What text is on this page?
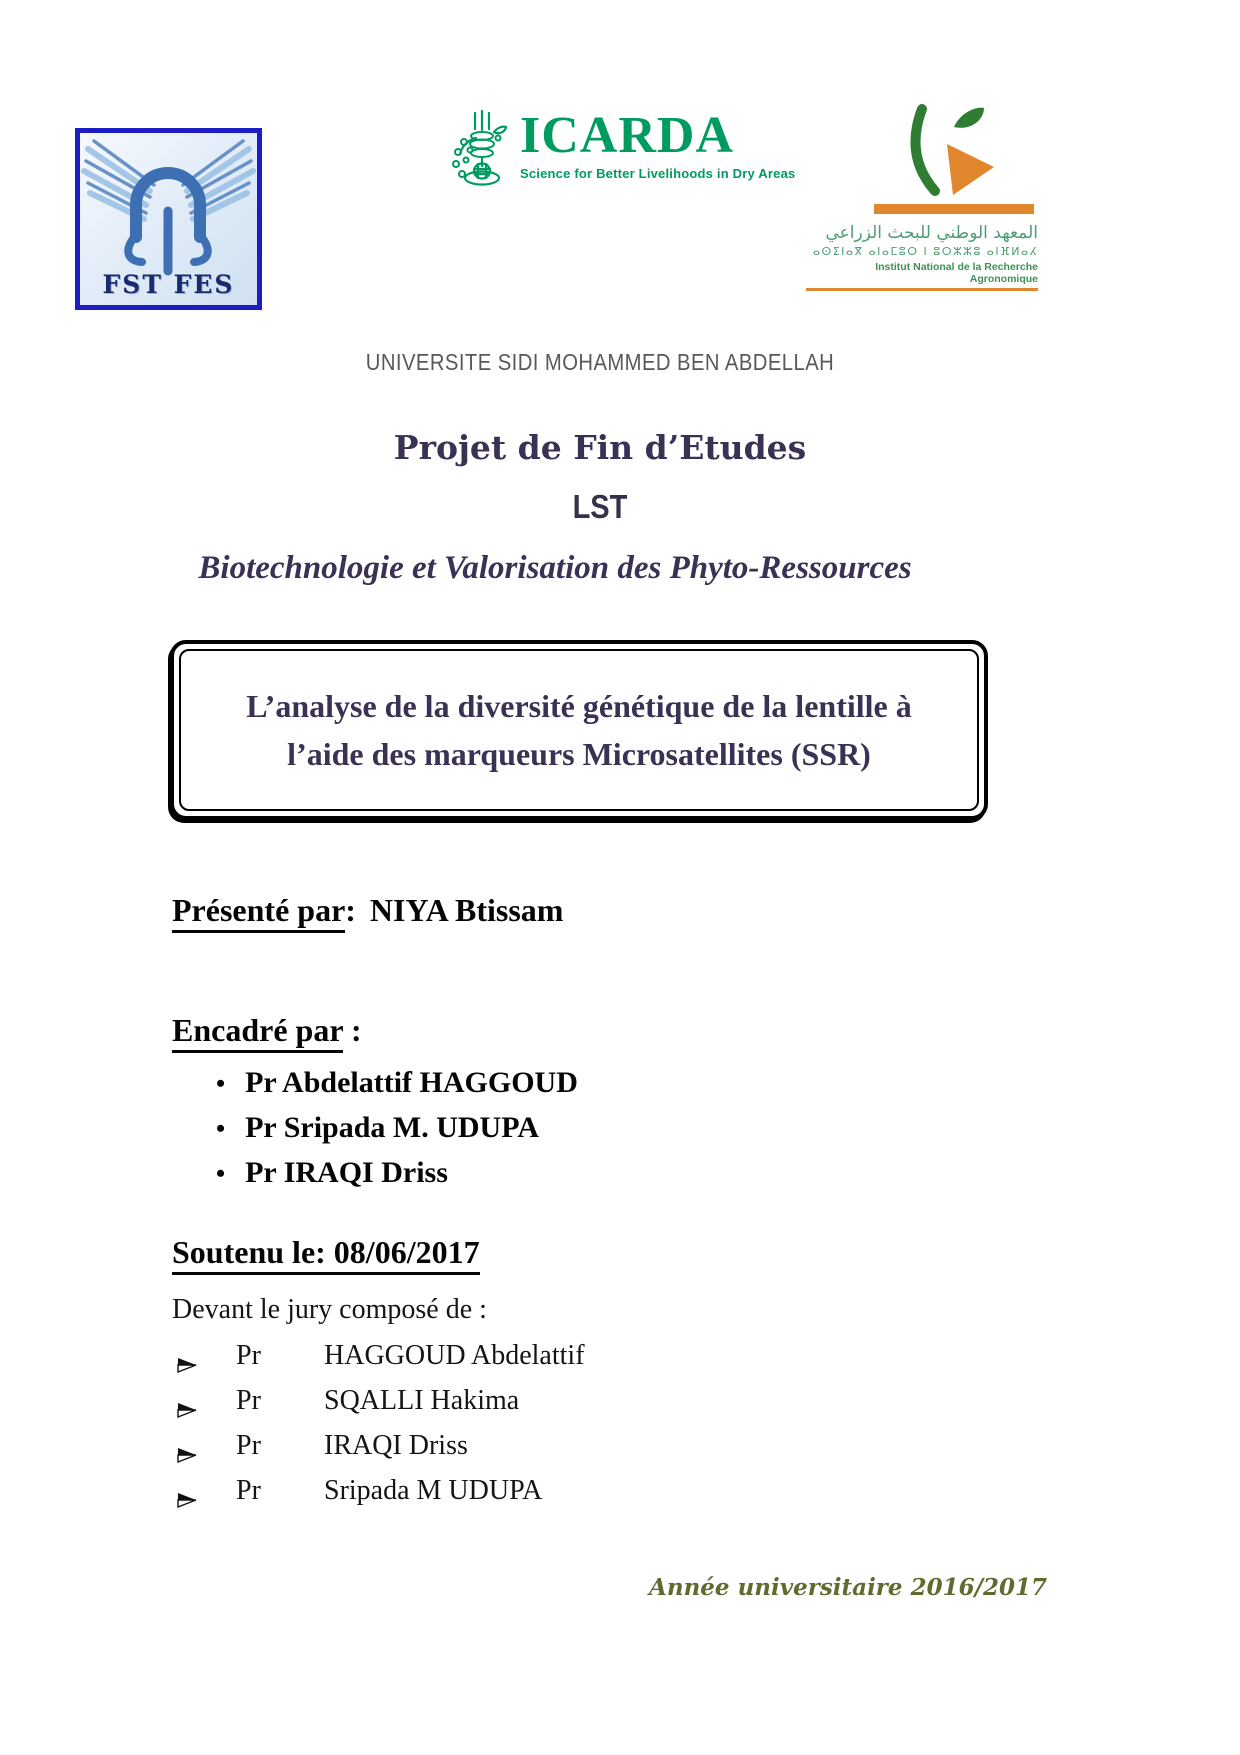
FST FES
ICARDA
Science for Better Livelihoods in Dry Areas
المعهد الوطني للبحث الزراعي
ⴰⵙⵉⵏⴰⴳ ⴰⵏⴰⵎⵓⵔ ⵏ ⵓⵔⵣⵣⵓ ⴰⵏⴼⵍⴰⵃ
Institut National de la Recherche Agronomique
UNIVERSITE SIDI MOHAMMED BEN ABDELLAH
Projet de Fin d’Etudes
LST
Biotechnologie et Valorisation des Phyto-Ressources
L’analyse de la diversité génétique de la lentille à
l’aide des marqueurs Microsatellites (SSR)
Présenté par: NIYA Btissam
Encadré par :
• Pr Abdelattif HAGGOUD
• Pr Sripada M. UDUPA
• Pr IRAQI Driss
Soutenu le: 08/06/2017
Devant le jury composé de :
Pr	HAGGOUD Abdelattif
Pr	SQALLI Hakima
Pr	IRAQI Driss
Pr	Sripada M UDUPA
Année universitaire 2016/2017
